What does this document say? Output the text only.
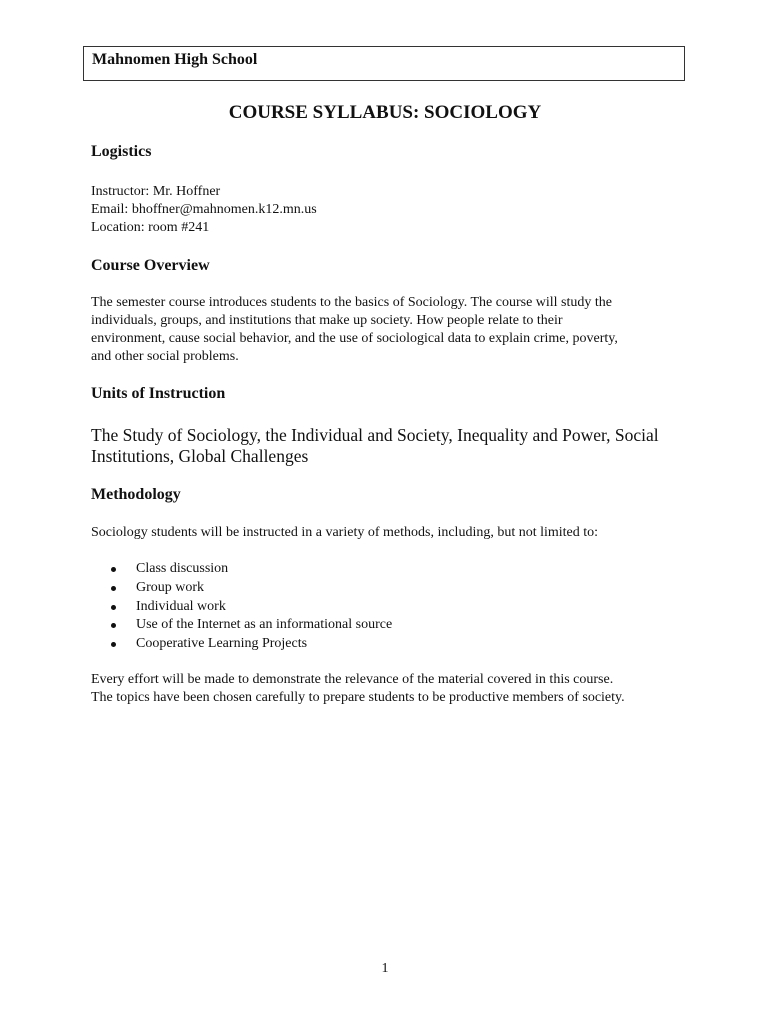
Mahnomen High School
COURSE SYLLABUS: SOCIOLOGY
Logistics
Instructor: Mr. Hoffner
Email: bhoffner@mahnomen.k12.mn.us
Location: room #241
Course Overview
The semester course introduces students to the basics of Sociology. The course will study the
individuals, groups, and institutions that make up society. How people relate to their
environment, cause social behavior, and the use of sociological data to explain crime, poverty,
and other social problems.
Units of Instruction
The Study of Sociology, the Individual and Society, Inequality and Power, Social Institutions, Global Challenges
Methodology
Sociology students will be instructed in a variety of methods, including, but not limited to:
Class discussion
Group work
Individual work
Use of the Internet as an informational source
Cooperative Learning Projects
Every effort will be made to demonstrate the relevance of the material covered in this course.
The topics have been chosen carefully to prepare students to be productive members of society.
1
